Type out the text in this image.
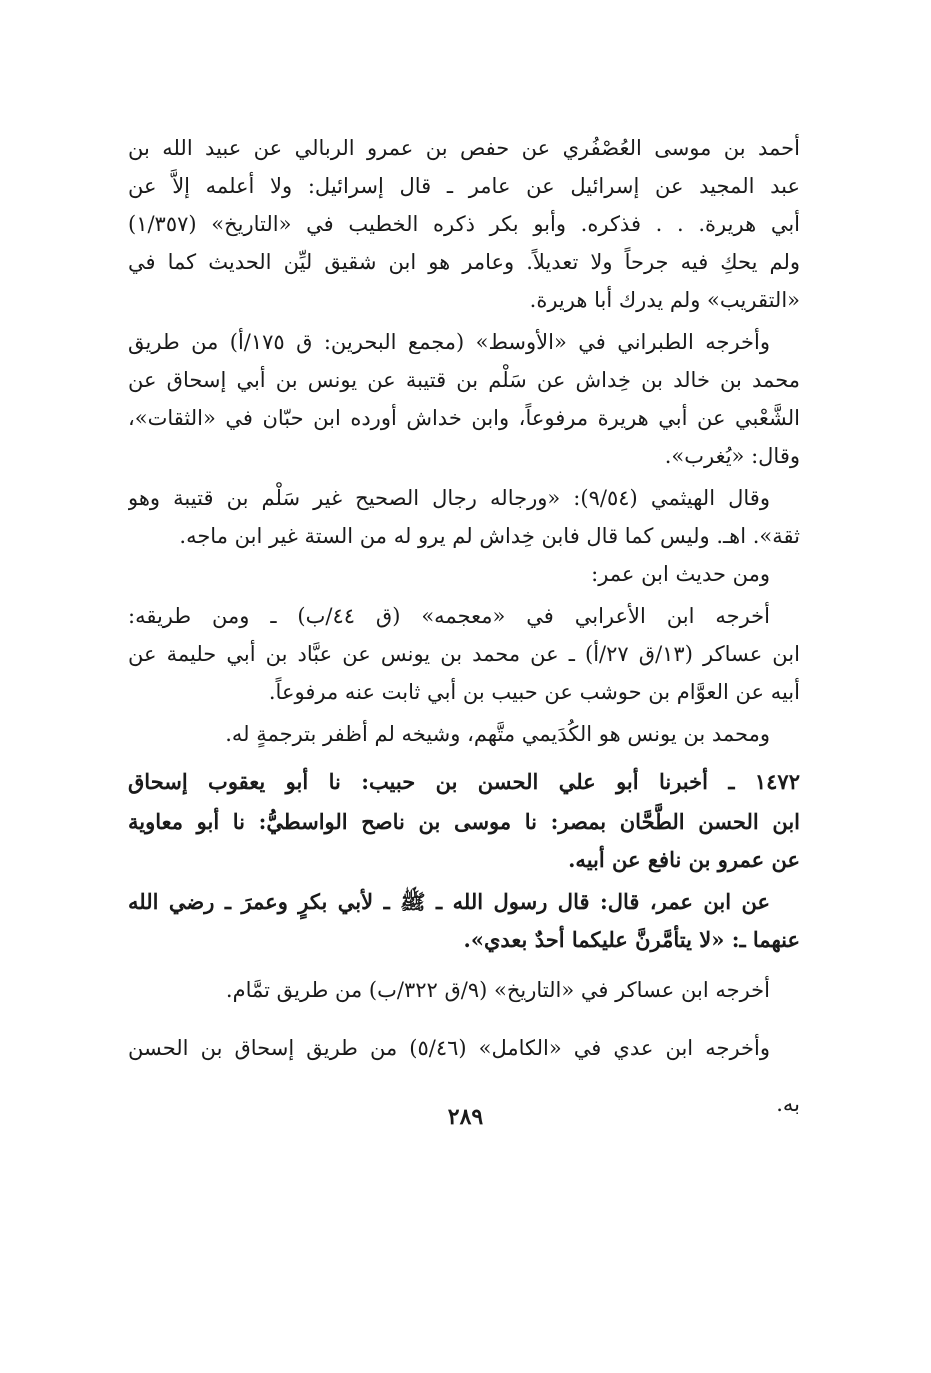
أحمد بن موسى العُصْفُري عن حفص بن عمرو الربالي عن عبيد الله بن
عبد المجيد عن إسرائيل عن عامر ـ قال إسرائيل: ولا أعلمه إلاَّ عن
أبي هريرة. . . فذكره. وأبو بكر ذكره الخطيب في «التاريخ» (١/٣٥٧)
ولم يحكِ فيه جرحاً ولا تعديلاً. وعامر هو ابن شقيق ليِّن الحديث كما في
«التقريب» ولم يدرك أبا هريرة.
وأخرجه الطبراني في «الأوسط» (مجمع البحرين: ق ١٧٥/أ) من طريق
محمد بن خالد بن خِداش عن سَلْم بن قتيبة عن يونس بن أبي إسحاق عن
الشَّعْبي عن أبي هريرة مرفوعاً، وابن خداش أورده ابن حبّان في «الثقات»،
وقال: «يُغرب».
وقال الهيثمي (٩/٥٤): «ورجاله رجال الصحيح غير سَلْم بن قتيبة وهو
ثقة». اهـ. وليس كما قال فابن خِداش لم يرو له من الستة غير ابن ماجه.
ومن حديث ابن عمر:
أخرجه ابن الأعرابي في «معجمه» (ق ٤٤/ب) ـ ومن طريقه:
ابن عساكر (١٣/ق ٢٧/أ) ـ عن محمد بن يونس عن عبَّاد بن أبي حليمة عن
أبيه عن العوَّام بن حوشب عن حبيب بن أبي ثابت عنه مرفوعاً.
ومحمد بن يونس هو الكُدَيمي متَّهم، وشيخه لم أظفر بترجمةٍ له.
١٤٧٢ ـ أخبرنا أبو علي الحسن بن حبيب: نا أبو يعقوب إسحاق
ابن الحسن الطَّحَّان بمصر: نا موسى بن ناصح الواسطيُّ: نا أبو معاوية
عن عمرو بن نافع عن أبيه.
عن ابن عمر، قال: قال رسول الله ـ ﷺ ـ لأبي بكرٍ وعمرَ ـ رضي الله
عنهما ـ: «لا يتأمَّرنَّ عليكما أحدٌ بعدي».
أخرجه ابن عساكر في «التاريخ» (٩/ق ٣٢٢/ب) من طريق تمَّام.
وأخرجه ابن عدي في «الكامل» (٥/٤٦) من طريق إسحاق بن الحسن
به.
٢٨٩
